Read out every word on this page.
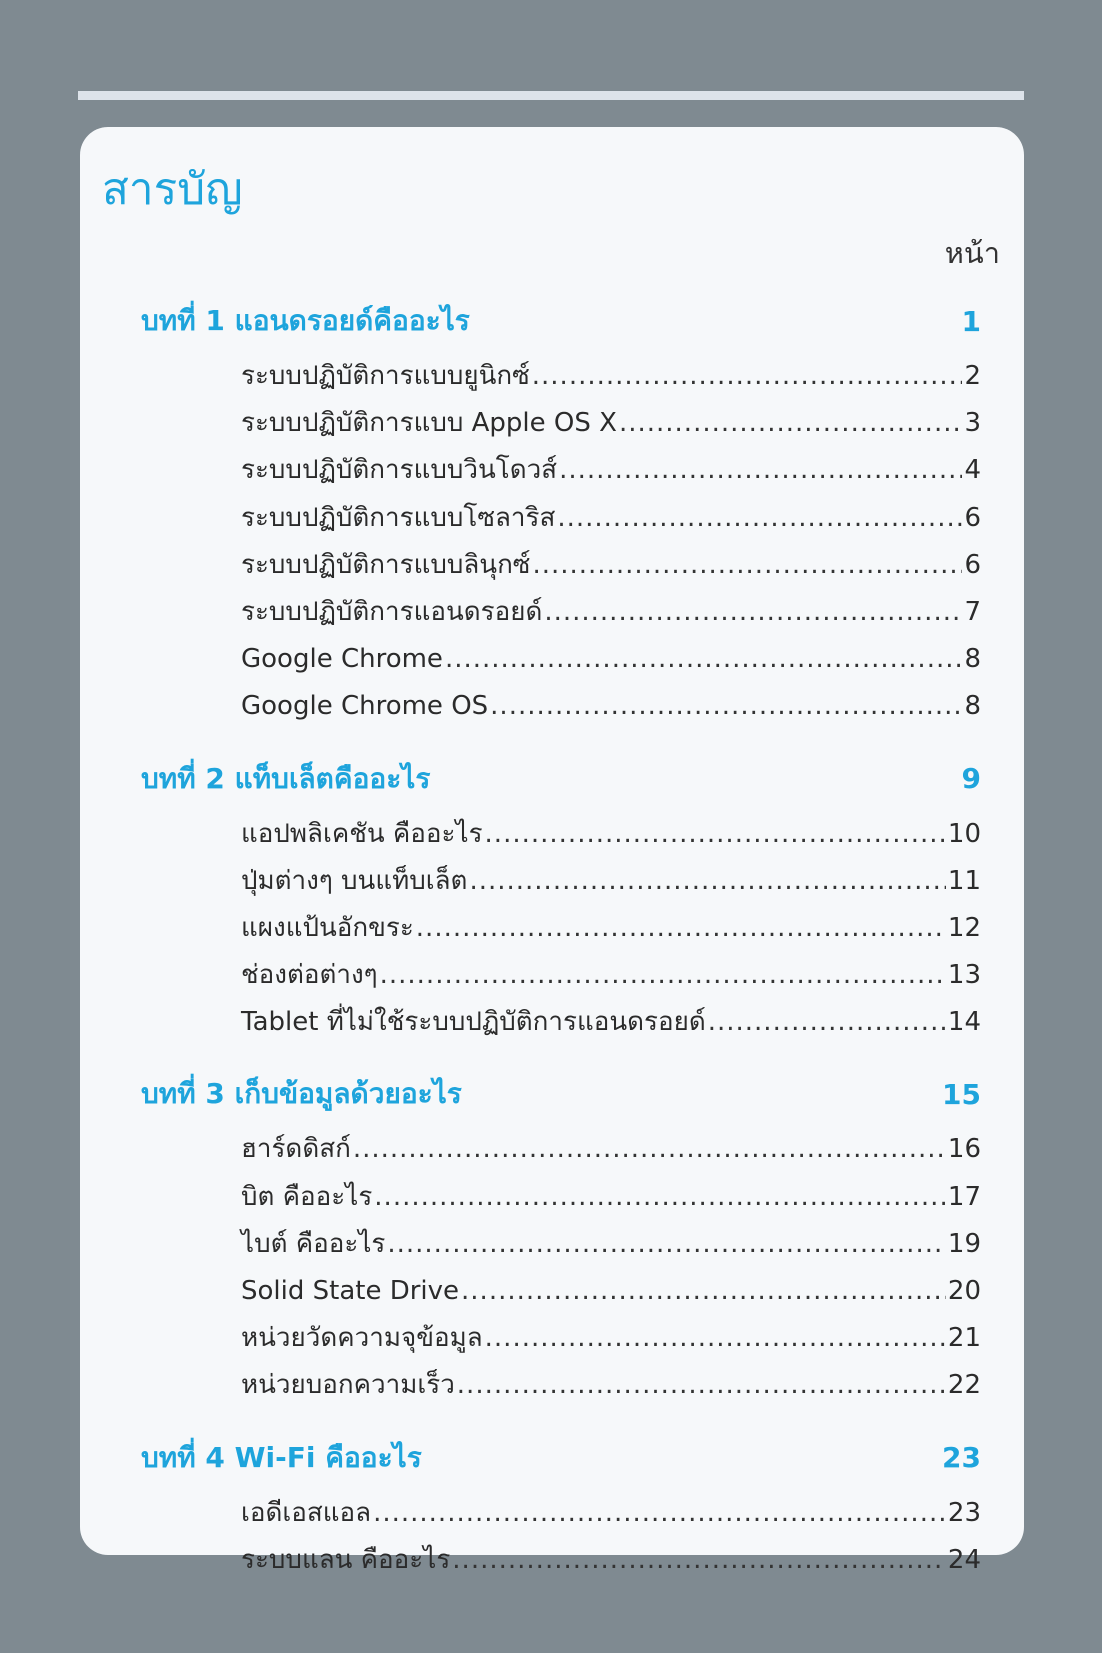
สารบัญ
หน้า
บทที่ 1 แอนดรอยด์คืออะไร	1
ระบบปฏิบัติการแบบยูนิกซ์ .....	2
ระบบปฏิบัติการแบบ Apple OS X .....	3
ระบบปฏิบัติการแบบวินโดวส์ .....	4
ระบบปฏิบัติการแบบโซลาริส .....	6
ระบบปฏิบัติการแบบลินุกซ์ .....	6
ระบบปฏิบัติการแอนดรอยด์ .....	7
Google Chrome .....	8
Google Chrome OS .....	8
บทที่ 2 แท็บเล็ตคืออะไร	9
แอปพลิเคชัน คืออะไร .....	10
ปุ่มต่างๆ บนแท็บเล็ต .....	11
แผงแป้นอักขระ .....	12
ช่องต่อต่างๆ .....	13
Tablet ที่ไม่ใช้ระบบปฏิบัติการแอนดรอยด์ .....	14
บทที่ 3 เก็บข้อมูลด้วยอะไร	15
ฮาร์ดดิสก์ .....	16
บิต คืออะไร .....	17
ไบต์ คืออะไร .....	19
Solid State Drive .....	20
หน่วยวัดความจุข้อมูล .....	21
หน่วยบอกความเร็ว .....	22
บทที่ 4 Wi-Fi คืออะไร	23
เอดีเอสแอล .....	23
ระบบแลน คืออะไร .....	24
